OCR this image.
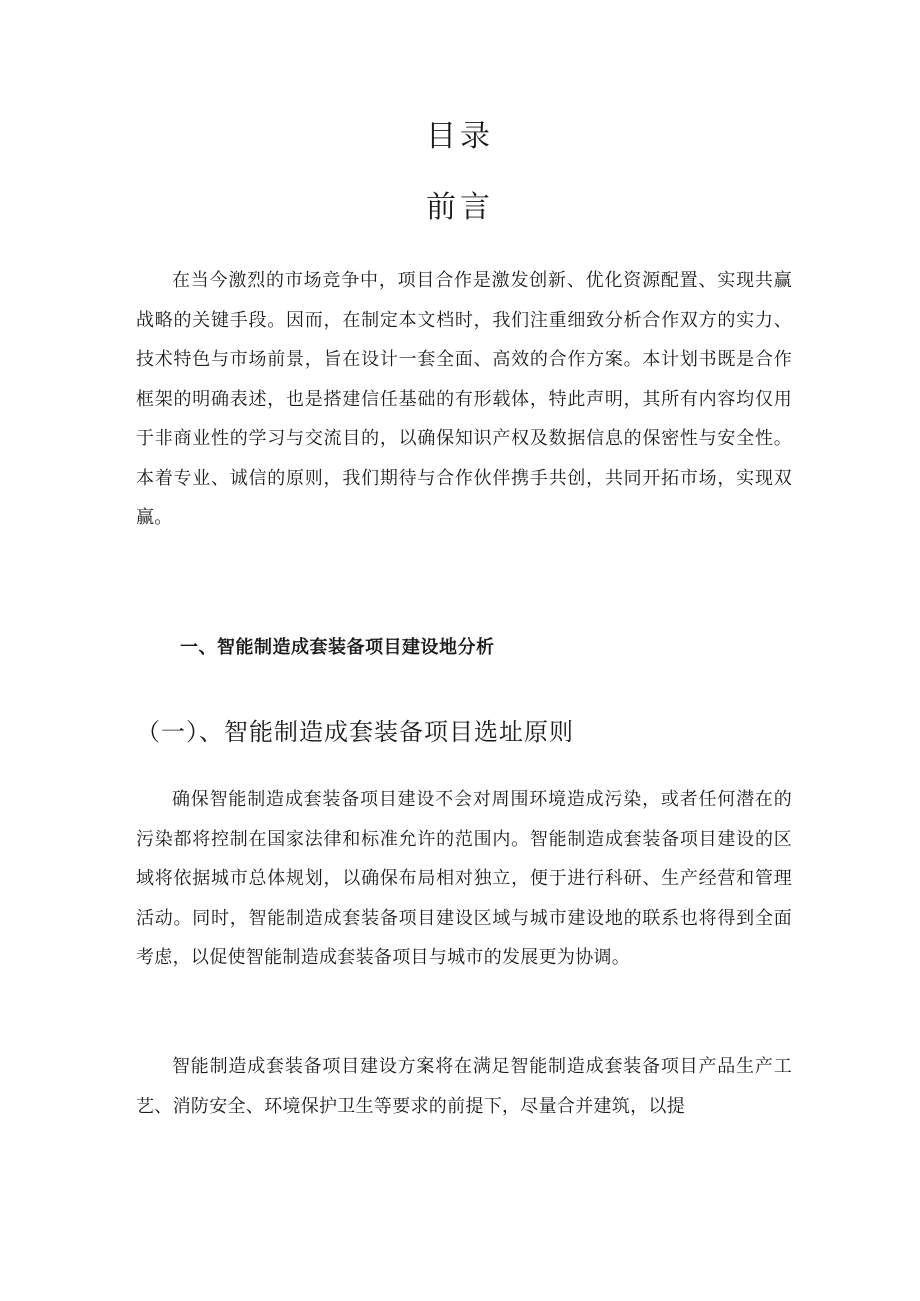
目录
前言

在当今激烈的市场竞争中，项目合作是激发创新、优化资源配置、实现共赢战略的关键手段。因而，在制定本文档时，我们注重细致分析合作双方的实力、技术特色与市场前景，旨在设计一套全面、高效的合作方案。本计划书既是合作框架的明确表述，也是搭建信任基础的有形载体，特此声明，其所有内容均仅用于非商业性的学习与交流目的，以确保知识产权及数据信息的保密性与安全性。本着专业、诚信的原则，我们期待与合作伙伴携手共创，共同开拓市场，实现双赢。

一、智能制造成套装备项目建设地分析
（一）、智能制造成套装备项目选址原则

确保智能制造成套装备项目建设不会对周围环境造成污染，或者任何潜在的污染都将控制在国家法律和标准允许的范围内。智能制造成套装备项目建设的区域将依据城市总体规划，以确保布局相对独立，便于进行科研、生产经营和管理活动。同时，智能制造成套装备项目建设区域与城市建设地的联系也将得到全面考虑，以促使智能制造成套装备项目与城市的发展更为协调。

智能制造成套装备项目建设方案将在满足智能制造成套装备项目产品生产工艺、消防安全、环境保护卫生等要求的前提下，尽量合并建筑，以提
